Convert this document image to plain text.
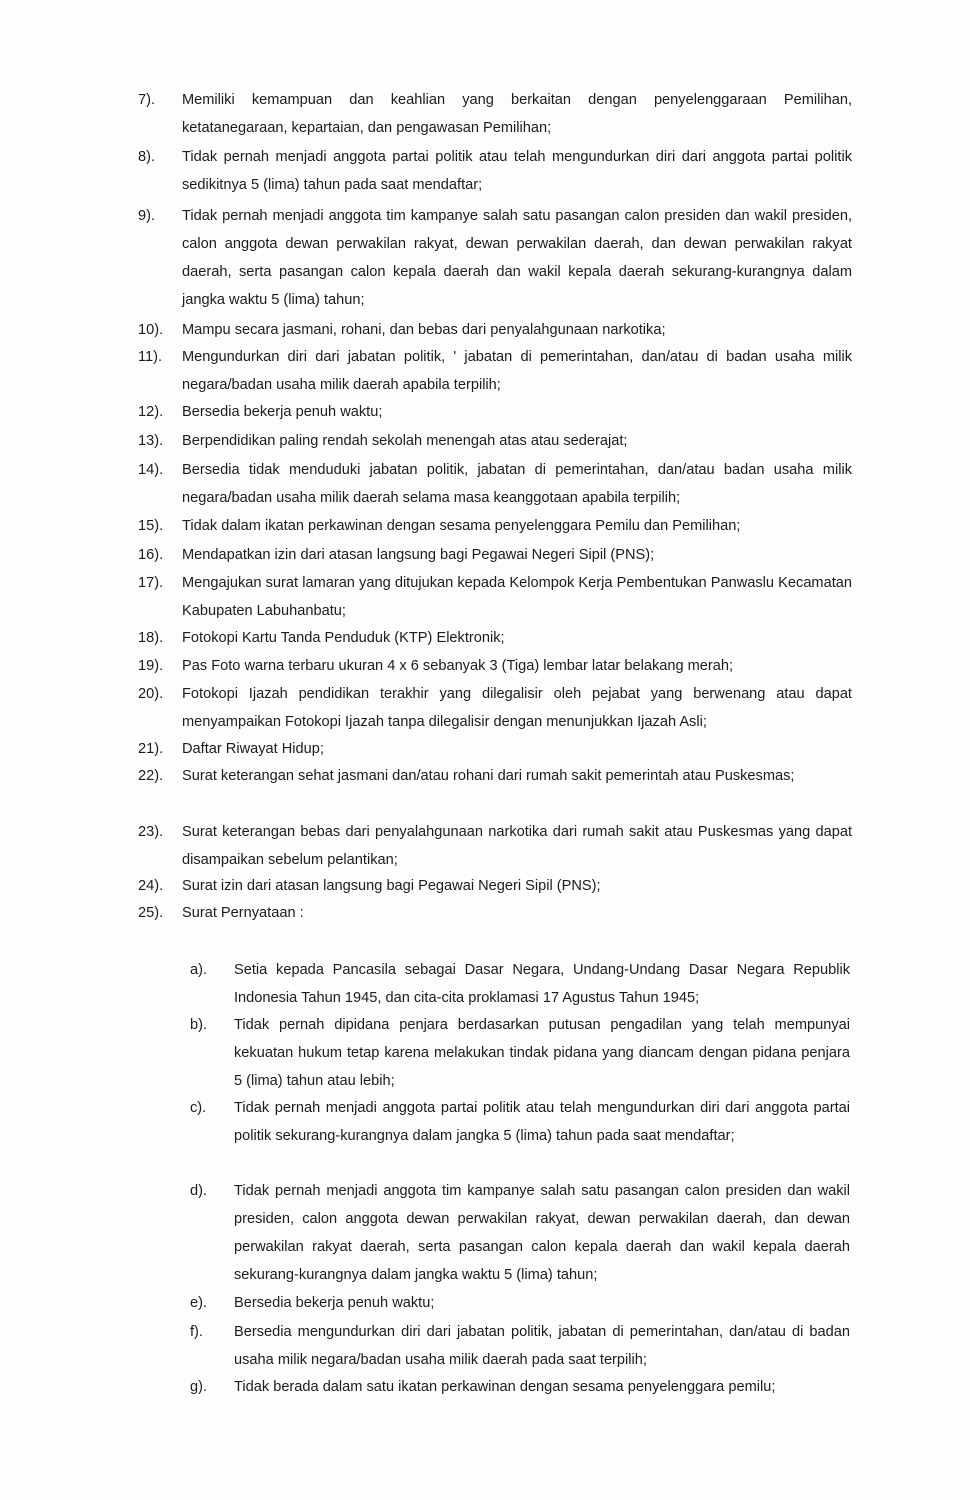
7). Memiliki kemampuan dan keahlian yang berkaitan dengan penyelenggaraan Pemilihan, ketatanegaraan, kepartaian, dan pengawasan Pemilihan;
8). Tidak pernah menjadi anggota partai politik atau telah mengundurkan diri dari anggota partai politik sedikitnya 5 (lima) tahun pada saat mendaftar;
9). Tidak pernah menjadi anggota tim kampanye salah satu pasangan calon presiden dan wakil presiden, calon anggota dewan perwakilan rakyat, dewan perwakilan daerah, dan dewan perwakilan rakyat daerah, serta pasangan calon kepala daerah dan wakil kepala daerah sekurang-kurangnya dalam jangka waktu 5 (lima) tahun;
10). Mampu secara jasmani, rohani, dan bebas dari penyalahgunaan narkotika;
11). Mengundurkan diri dari jabatan politik, ' jabatan di pemerintahan, dan/atau di badan usaha milik negara/badan usaha milik daerah apabila terpilih;
12). Bersedia bekerja penuh waktu;
13). Berpendidikan paling rendah sekolah menengah atas atau sederajat;
14). Bersedia tidak menduduki jabatan politik, jabatan di pemerintahan, dan/atau badan usaha milik negara/badan usaha milik daerah selama masa keanggotaan apabila terpilih;
15). Tidak dalam ikatan perkawinan dengan sesama penyelenggara Pemilu dan Pemilihan;
16). Mendapatkan izin dari atasan langsung bagi Pegawai Negeri Sipil (PNS);
17). Mengajukan surat lamaran yang ditujukan kepada Kelompok Kerja Pembentukan Panwaslu Kecamatan Kabupaten Labuhanbatu;
18). Fotokopi Kartu Tanda Penduduk (KTP) Elektronik;
19). Pas Foto warna terbaru ukuran 4 x 6 sebanyak 3 (Tiga) lembar latar belakang merah;
20). Fotokopi Ijazah pendidikan terakhir yang dilegalisir oleh pejabat yang berwenang atau dapat menyampaikan Fotokopi Ijazah tanpa dilegalisir dengan menunjukkan Ijazah Asli;
21). Daftar Riwayat Hidup;
22). Surat keterangan sehat jasmani dan/atau rohani dari rumah sakit pemerintah atau Puskesmas;
23). Surat keterangan bebas dari penyalahgunaan narkotika dari rumah sakit atau Puskesmas yang dapat disampaikan sebelum pelantikan;
24). Surat izin dari atasan langsung bagi Pegawai Negeri Sipil (PNS);
25). Surat Pernyataan :
a). Setia kepada Pancasila sebagai Dasar Negara, Undang-Undang Dasar Negara Republik Indonesia Tahun 1945, dan cita-cita proklamasi 17 Agustus Tahun 1945;
b). Tidak pernah dipidana penjara berdasarkan putusan pengadilan yang telah mempunyai kekuatan hukum tetap karena melakukan tindak pidana yang diancam dengan pidana penjara 5 (lima) tahun atau lebih;
c). Tidak pernah menjadi anggota partai politik atau telah mengundurkan diri dari anggota partai politik sekurang-kurangnya dalam jangka 5 (lima) tahun pada saat mendaftar;
d). Tidak pernah menjadi anggota tim kampanye salah satu pasangan calon presiden dan wakil presiden, calon anggota dewan perwakilan rakyat, dewan perwakilan daerah, dan dewan perwakilan rakyat daerah, serta pasangan calon kepala daerah dan wakil kepala daerah sekurang-kurangnya dalam jangka waktu 5 (lima) tahun;
e). Bersedia bekerja penuh waktu;
f). Bersedia mengundurkan diri dari jabatan politik, jabatan di pemerintahan, dan/atau di badan usaha milik negara/badan usaha milik daerah pada saat terpilih;
g). Tidak berada dalam satu ikatan perkawinan dengan sesama penyelenggara pemilu;
